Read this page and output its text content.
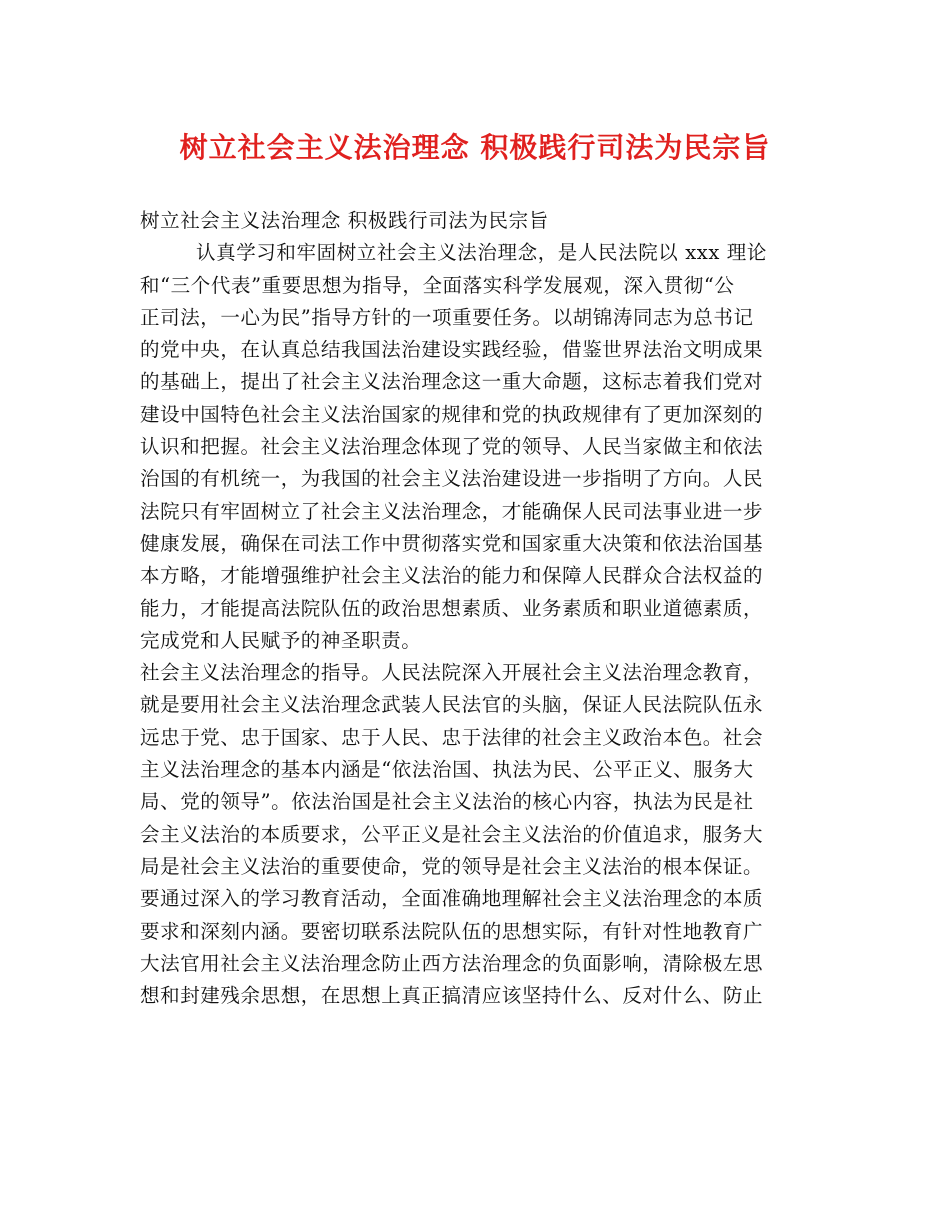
树立社会主义法治理念 积极践行司法为民宗旨
树立社会主义法治理念 积极践行司法为民宗旨
认真学习和牢固树立社会主义法治理念，是人民法院以 xxx 理论
和“三个代表”重要思想为指导，全面落实科学发展观，深入贯彻“公
正司法，一心为民”指导方针的一项重要任务。以胡锦涛同志为总书记
的党中央，在认真总结我国法治建设实践经验，借鉴世界法治文明成果
的基础上，提出了社会主义法治理念这一重大命题，这标志着我们党对
建设中国特色社会主义法治国家的规律和党的执政规律有了更加深刻的
认识和把握。社会主义法治理念体现了党的领导、人民当家做主和依法
治国的有机统一，为我国的社会主义法治建设进一步指明了方向。人民
法院只有牢固树立了社会主义法治理念，才能确保人民司法事业进一步
健康发展，确保在司法工作中贯彻落实党和国家重大决策和依法治国基
本方略，才能增强维护社会主义法治的能力和保障人民群众合法权益的
能力，才能提高法院队伍的政治思想素质、业务素质和职业道德素质，
完成党和人民赋予的神圣职责。
社会主义法治理念的指导。人民法院深入开展社会主义法治理念教育，
就是要用社会主义法治理念武装人民法官的头脑，保证人民法院队伍永
远忠于党、忠于国家、忠于人民、忠于法律的社会主义政治本色。社会
主义法治理念的基本内涵是“依法治国、执法为民、公平正义、服务大
局、党的领导”。依法治国是社会主义法治的核心内容，执法为民是社
会主义法治的本质要求，公平正义是社会主义法治的价值追求，服务大
局是社会主义法治的重要使命，党的领导是社会主义法治的根本保证。
要通过深入的学习教育活动，全面准确地理解社会主义法治理念的本质
要求和深刻内涵。要密切联系法院队伍的思想实际，有针对性地教育广
大法官用社会主义法治理念防止西方法治理念的负面影响，清除极左思
想和封建残余思想，在思想上真正搞清应该坚持什么、反对什么、防止
